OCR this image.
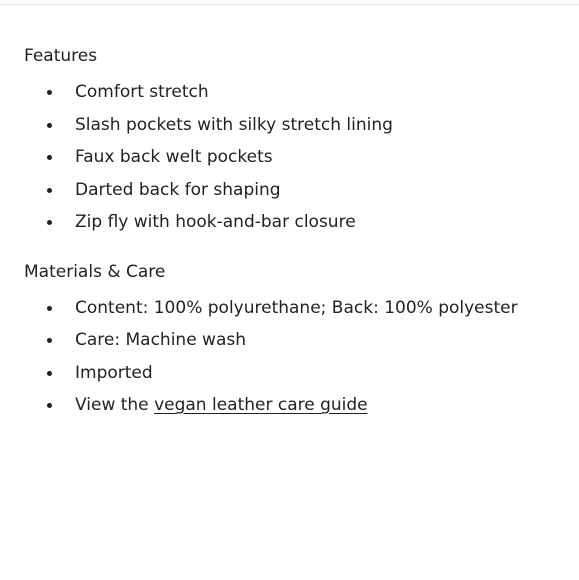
Features
Comfort stretch
Slash pockets with silky stretch lining
Faux back welt pockets
Darted back for shaping
Zip fly with hook-and-bar closure
Materials & Care
Content: 100% polyurethane; Back: 100% polyester
Care: Machine wash
Imported
View the vegan leather care guide
